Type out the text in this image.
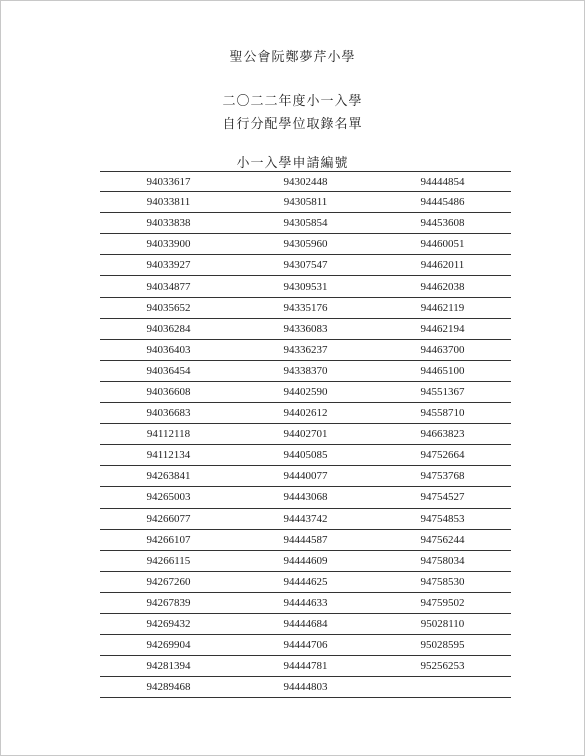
聖公會阮鄭夢芹小學
二〇二二年度小一入學
自行分配學位取錄名單
小一入學申請編號
94033617	94302448	94444854
94033811	94305811	94445486
94033838	94305854	94453608
94033900	94305960	94460051
94033927	94307547	94462011
94034877	94309531	94462038
94035652	94335176	94462119
94036284	94336083	94462194
94036403	94336237	94463700
94036454	94338370	94465100
94036608	94402590	94551367
94036683	94402612	94558710
94112118	94402701	94663823
94112134	94405085	94752664
94263841	94440077	94753768
94265003	94443068	94754527
94266077	94443742	94754853
94266107	94444587	94756244
94266115	94444609	94758034
94267260	94444625	94758530
94267839	94444633	94759502
94269432	94444684	95028110
94269904	94444706	95028595
94281394	94444781	95256253
94289468	94444803
